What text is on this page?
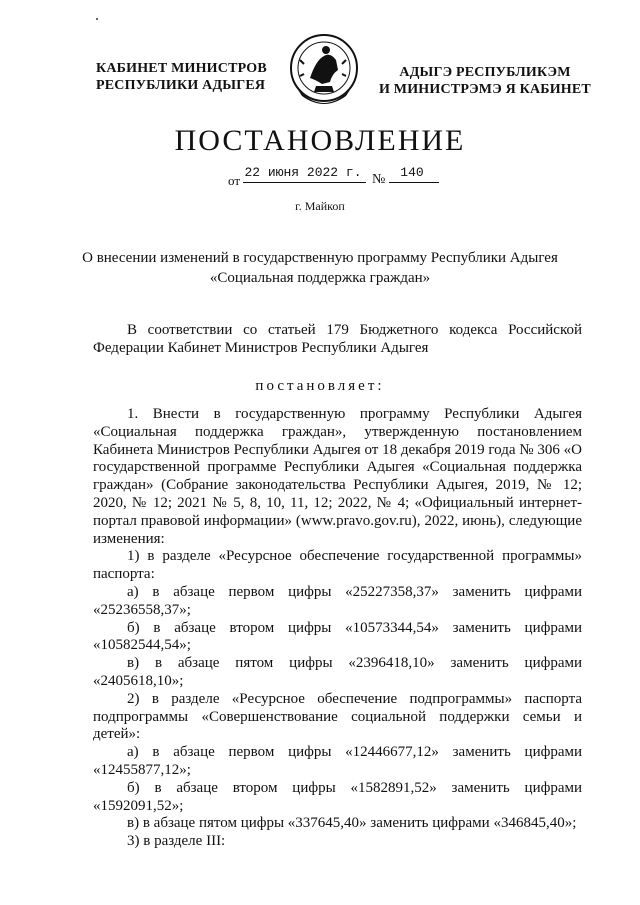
КАБИНЕТ МИНИСТРОВ
РЕСПУБЛИКИ АДЫГЕЯ
АДЫГЭ РЕСПУБЛИКЭМ
И МИНИСТРЭМЭ Я КАБИНЕТ
ПОСТАНОВЛЕНИЕ
от
22 июня 2022 г. №	140
г. Майкоп
О внесении изменений в государственную программу Республики Адыгея
«Социальная поддержка граждан»
В соответствии со статьей 179 Бюджетного кодекса Российской Федерации Кабинет Министров Республики Адыгея
постановляет:

1. Внести в государственную программу Республики Адыгея «Социальная поддержка граждан», утвержденную постановлением Кабинета Министров Республики Адыгея от 18 декабря 2019 года № 306 «О государственной программе Республики Адыгея «Социальная поддержка граждан» (Собрание законодательства Республики Адыгея, 2019, № 12; 2020, № 12; 2021 № 5, 8, 10, 11, 12; 2022, № 4; «Официальный интернет-портал правовой информации» (www.pravo.gov.ru), 2022, июнь), следующие изменения:

1) в разделе «Ресурсное обеспечение государственной программы» паспорта:

а) в абзаце первом цифры «25227358,37» заменить цифрами «25236558,37»;

б) в абзаце втором цифры «10573344,54» заменить цифрами «10582544,54»;

в) в абзаце пятом цифры «2396418,10» заменить цифрами «2405618,10»;

2) в разделе «Ресурсное обеспечение подпрограммы» паспорта подпрограммы «Совершенствование социальной поддержки семьи и детей»:

а) в абзаце первом цифры «12446677,12» заменить цифрами «12455877,12»;

б) в абзаце втором цифры «1582891,52» заменить цифрами «1592091,52»;

в) в абзаце пятом цифры «337645,40» заменить цифрами «346845,40»;

3) в разделе III:
